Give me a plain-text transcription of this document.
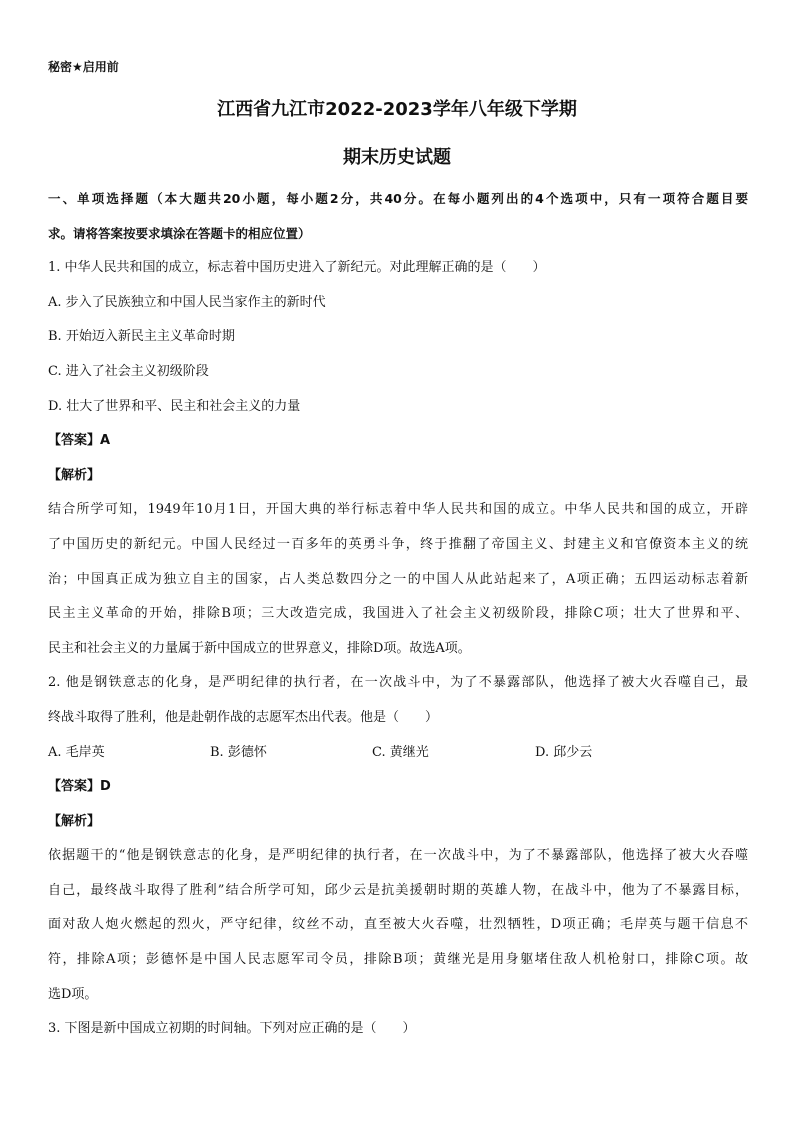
秘密★启用前
江西省九江市2022-2023学年八年级下学期
期末历史试题
一、单项选择题（本大题共20小题，每小题2分，共40分。在每小题列出的4个选项中，只有一项符合题目要
求。请将答案按要求填涂在答题卡的相应位置）
1. 中华人民共和国的成立，标志着中国历史进入了新纪元。对此理解正确的是（　　）
A. 步入了民族独立和中国人民当家作主的新时代
B. 开始迈入新民主主义革命时期
C. 进入了社会主义初级阶段
D. 壮大了世界和平、民主和社会主义的力量
【答案】A
【解析】
结合所学可知，1949年10月1日，开国大典的举行标志着中华人民共和国的成立。中华人民共和国的成立，开辟
了中国历史的新纪元。中国人民经过一百多年的英勇斗争，终于推翻了帝国主义、封建主义和官僚资本主义的统
治；中国真正成为独立自主的国家，占人类总数四分之一的中国人从此站起来了，A项正确；五四运动标志着新
民主主义革命的开始，排除B项；三大改造完成，我国进入了社会主义初级阶段，排除C项；壮大了世界和平、
民主和社会主义的力量属于新中国成立的世界意义，排除D项。故选A项。
2. 他是钢铁意志的化身，是严明纪律的执行者，在一次战斗中，为了不暴露部队，他选择了被大火吞噬自己，最
终战斗取得了胜利，他是赴朝作战的志愿军杰出代表。他是（　　）
A. 毛岸英	B. 彭德怀	C. 黄继光	D. 邱少云
【答案】D
【解析】
依据题干的“他是钢铁意志的化身，是严明纪律的执行者，在一次战斗中，为了不暴露部队，他选择了被大火吞噬
自己，最终战斗取得了胜利”结合所学可知，邱少云是抗美援朝时期的英雄人物，在战斗中，他为了不暴露目标，
面对敌人炮火燃起的烈火，严守纪律，纹丝不动，直至被大火吞噬，壮烈牺牲，D项正确；毛岸英与题干信息不
符，排除A项；彭德怀是中国人民志愿军司令员，排除B项；黄继光是用身躯堵住敌人机枪射口，排除C项。故
选D项。
3. 下图是新中国成立初期的时间轴。下列对应正确的是（　　）
